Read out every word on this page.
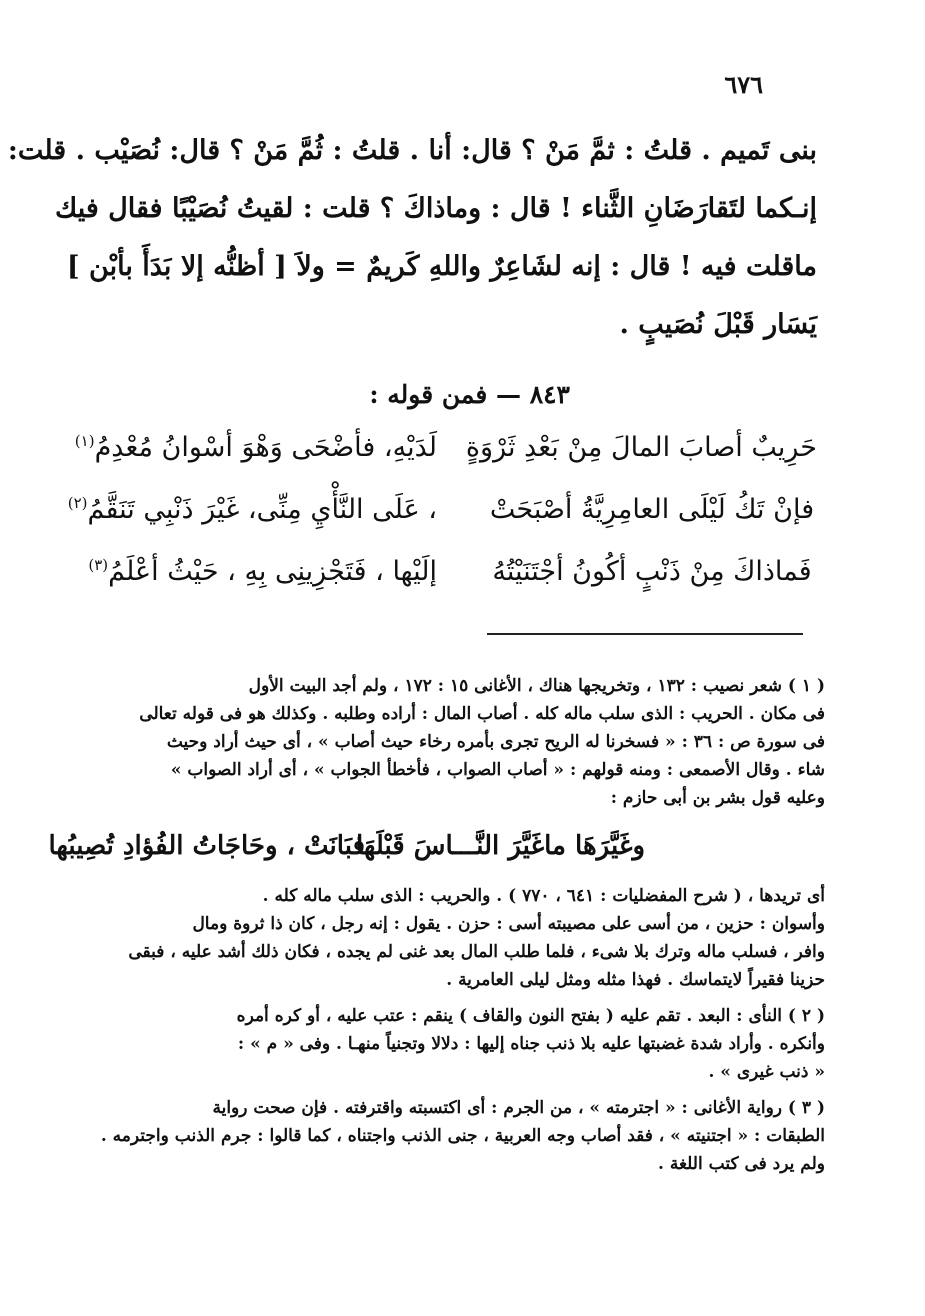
٦٧٦
بنى تَميم . قلتُ : ثمَّ مَنْ ؟ قال: أنا . قلتُ : ثُمَّ مَنْ ؟ قال: نُصَيْب . قلت:
إنـكما لتَقارَضَانِ الثَّناء ! قال : وماذاكَ ؟ قلت : لقيتُ نُصَيْبًا فقال فيك
ماقلت فيه ! قال : إنه لشَاعِرٌ واللهِ كَريمٌ = ولاَ [ أظنُّه إلا بَدَأَ بأبْن ]
يَسَار قَبْلَ نُصَيبٍ .
٨٤٣ — فمن قوله :
حَرِيبٌ أصابَ المالَ مِنْ بَعْدِ ثَرْوَةٍ
لَدَيْهِ، فأضْحَى وَهْوَ أسْوانُ مُعْدِمُ$^{(١)}$
فإنْ تَكُ لَيْلَى العامِرِيَّةُ أصْبَحَتْ
، عَلَى النَّأْيِ مِنِّى، غَيْرَ ذَنْبِي تَنَقَّمُ$^{(٢)}$
فَماذاكَ مِنْ ذَنْبٍ أكُونُ أجْتَنَيْتُهُ
إلَيْها ، فَتَجْزِينِى بِهِ ، حَيْثُ أعْلَمُ$^{(٣)}$
( ١ ) شعر نصيب : ١٣٢ ، وتخريجها هناك ، الأغانى ١٥ : ١٧٢ ، ولم أجد البيت الأول
فى مكان . الحريب : الذى سلب ماله كله . أصاب المال : أراده وطلبه . وكذلك هو فى قوله تعالى
فى سورة ص : ٣٦ : « فسخرنا له الريح تجرى بأمره رخاء حيث أصاب » ، أى حيث أراد وحيث
شاء . وقال الأصمعى : ومنه قولهم : « أصاب الصواب ، فأخطأ الجواب » ، أى أراد الصواب »
وعليه قول بشر بن أبى حازم :
وغَيَّرَهَا ماغَيَّرَ النَّـــاسَ قَبْلَهَا
فبَانَتْ ، وحَاجَاتُ الفُؤادِ تُصِيبُها
أى تريدها ، ( شرح المفضليات : ٦٤١ ، ٧٧٠ ) . والحريب : الذى سلب ماله كله .
وأسوان : حزين ، من أسى على مصيبته أسى : حزن . يقول : إنه رجل ، كان ذا ثروة ومال
وافر ، فسلب ماله وترك بلا شىء ، فلما طلب المال بعد غنى لم يجده ، فكان ذلك أشد عليه ، فبقى
حزينا فقيراً لايتماسك . فهذا مثله ومثل ليلى العامرية .
( ٢ ) النأى : البعد . تقم عليه ( بفتح النون والقاف ) ينقم : عتب عليه ، أو كره أمره
وأنكره . وأراد شدة غضبتها عليه بلا ذنب جناه إليها : دلالا وتجنياً منهـا . وفى « م » :
« ذنب غيرى » .
( ٣ ) رواية الأغانى : « اجترمته » ، من الجرم : أى اكتسبته واقترفته . فإن صحت رواية
الطبقات : « اجتنيته » ، فقد أصاب وجه العربية ، جنى الذنب واجتناه ، كما قالوا : جرم الذنب واجترمه .
ولم يرد فى كتب اللغة .
